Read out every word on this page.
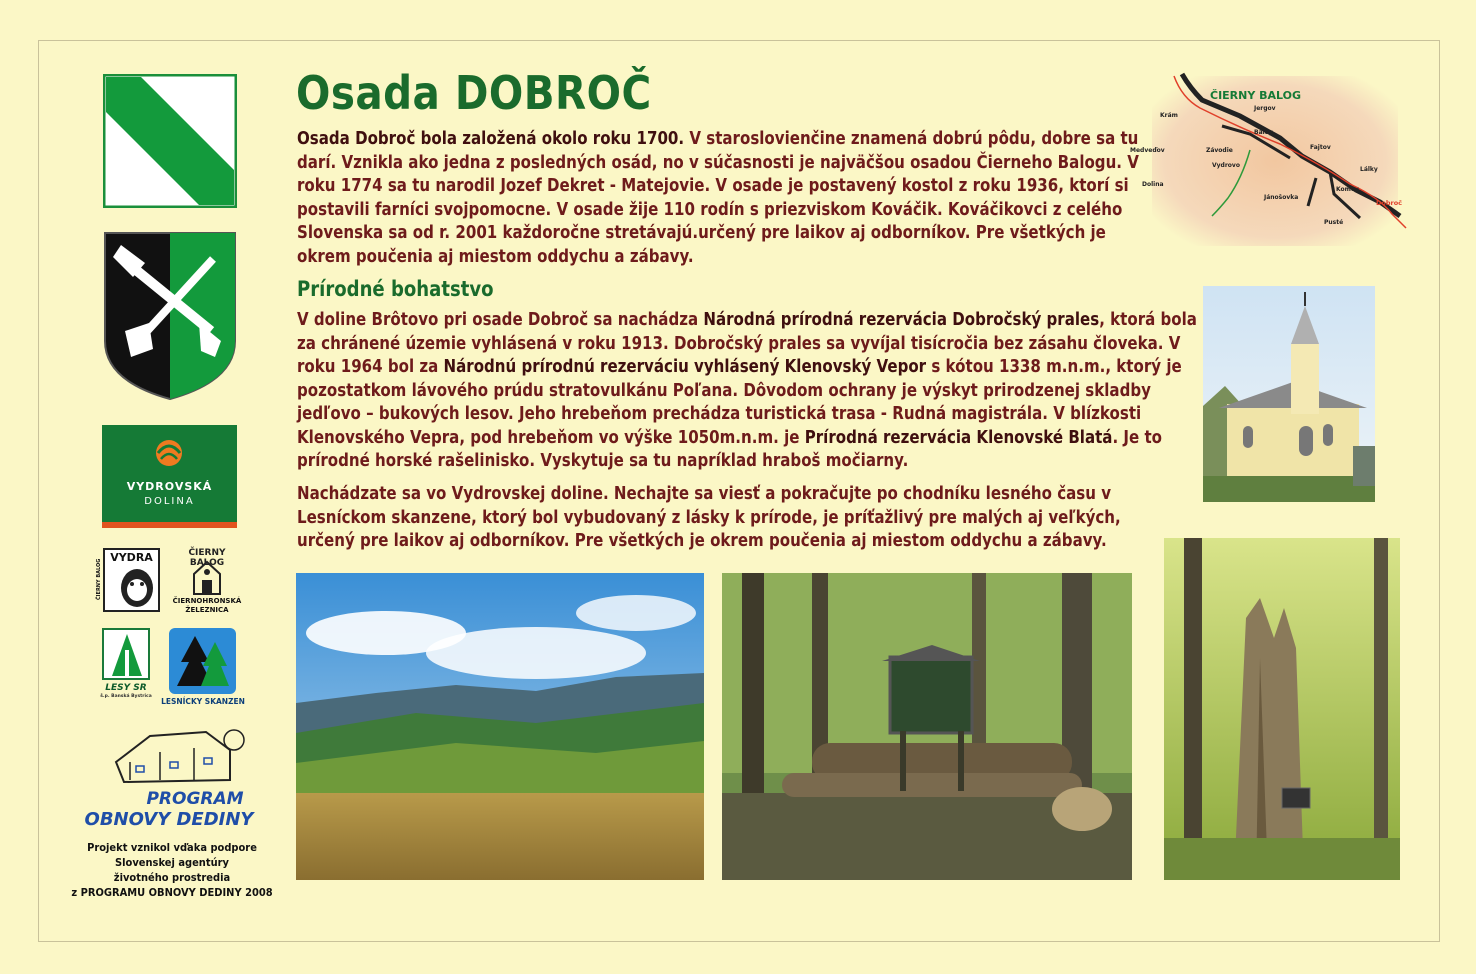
VYDROVSKÁ
DOLINA
VYDRA
ČIERNY BALOG
ČIERNY BALOG
ČIERNOHRONSKÁ
ŽELEZNICA
LESY SR
š.p. Banská Bystrica
LESNÍCKY SKANZEN
PROGRAM
OBNOVY DEDINY
Projekt vznikol vďaka podpore
Slovenskej agentúry
životného prostredia
z PROGRAMU OBNOVY DEDINY 2008
Osada DOBROČ
Osada Dobroč bola založená okolo roku 1700. V staroslovienčine znamená dobrú pôdu, dobre sa tu darí. Vznikla ako jedna z posledných osád, no v súčasnosti je najväčšou osadou Čierneho Balogu. V roku 1774 sa tu narodil Jozef Dekret - Matejovie. V osade je postavený kostol z roku 1936, ktorí si postavili farníci svojpomocne. V osade žije 110 rodín s priezviskom Kováčik. Kováčikovci z celého Slovenska sa od r. 2001 každoročne stretávajú.určený pre laikov aj odborníkov. Pre všetkých je okrem poučenia aj miestom oddychu a zábavy.
Prírodné bohatstvo
V doline Brôtovo pri osade Dobroč sa nachádza Národná prírodná rezervácia Dobročský prales, ktorá bola za chránené územie vyhlásená v roku 1913. Dobročský prales sa vyvíjal tisícročia bez zásahu človeka. V roku 1964 bol za Národnú prírodnú rezerváciu vyhlásený Klenovský Vepor s kótou 1338 m.n.m., ktorý je pozostatkom lávového prúdu stratovulkánu Poľana. Dôvodom ochrany je výskyt prirodzenej skladby jedľovo – bukových lesov. Jeho hrebeňom prechádza turistická trasa - Rudná magistrála. V blízkosti Klenovského Vepra, pod hrebeňom vo výške 1050m.n.m. je Prírodná rezervácia Klenovské Blatá. Je to prírodné horské rašelinisko. Vyskytuje sa tu napríklad hraboš močiarny.
Nachádzate sa vo Vydrovskej doline. Nechajte sa viesť a pokračujte po chodníku lesného času v Lesníckom skanzene, ktorý bol vybudovaný z lásky k prírode, je príťažlivý pre malých aj veľkých, určený pre laikov aj odborníkov. Pre všetkých je okrem poučenia aj miestom oddychu a zábavy.
ČIERNY BALOG
Krám
Jergov
Balog
Medveďov	Závodie	Fajtov
Vydrovo
Lálky
Dolina
Komov
Jánošovka
Dobroč
Pusté
